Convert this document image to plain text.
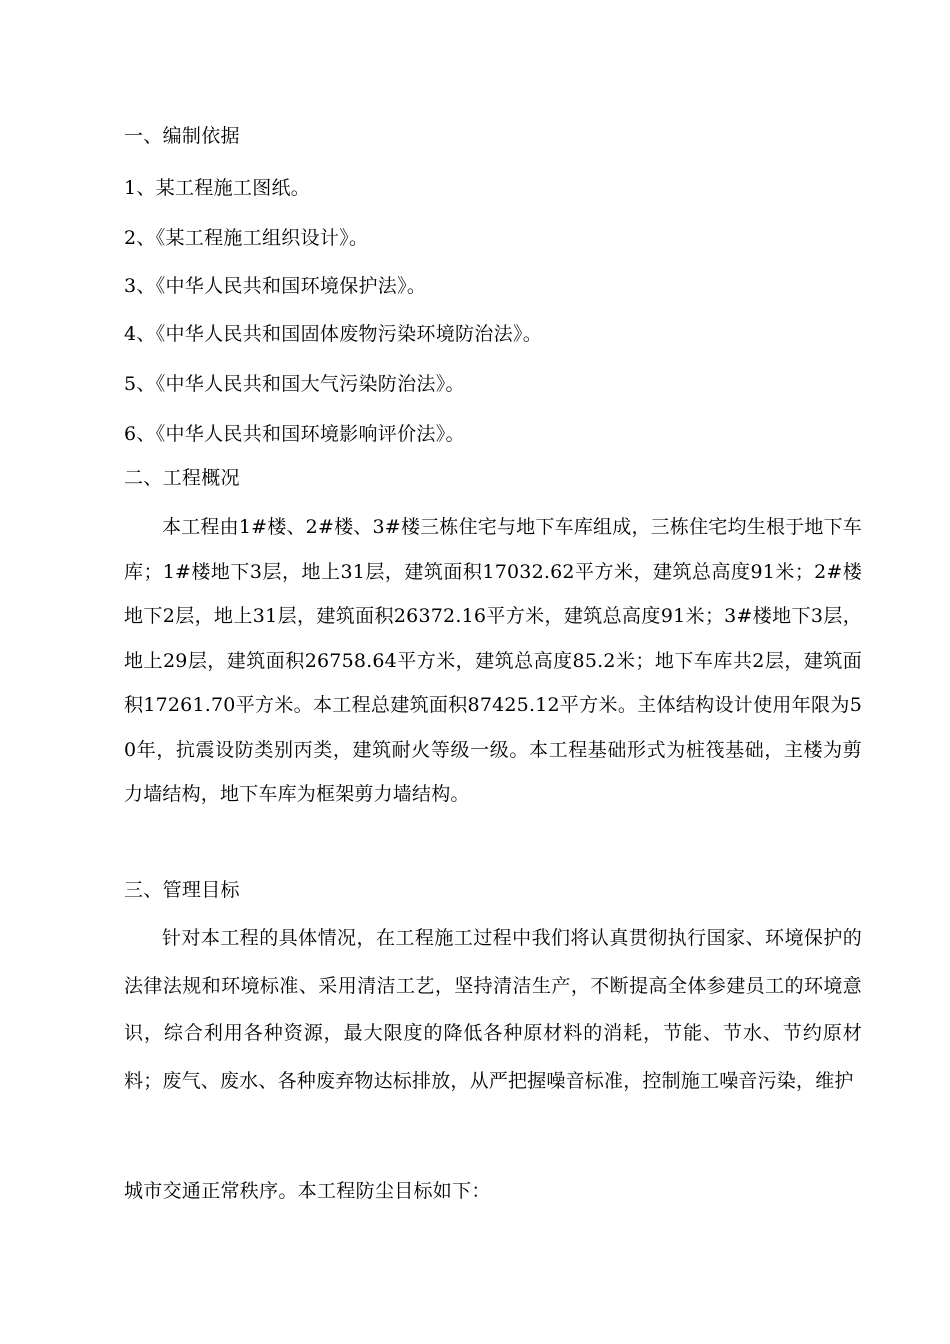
一、编制依据
1、某工程施工图纸。
2、《某工程施工组织设计》。
3、《中华人民共和国环境保护法》。
4、《中华人民共和国固体废物污染环境防治法》。
5、《中华人民共和国大气污染防治法》。
6、《中华人民共和国环境影响评价法》。
二、工程概况
本工程由1#楼、2#楼、3#楼三栋住宅与地下车库组成，三栋住宅均生根于地下车库；1#楼地下3层，地上31层，建筑面积17032.62平方米，建筑总高度91米；2#楼地下2层，地上31层，建筑面积26372.16平方米，建筑总高度91米；3#楼地下3层，地上29层，建筑面积26758.64平方米，建筑总高度85.2米；地下车库共2层，建筑面积17261.70平方米。本工程总建筑面积87425.12平方米。主体结构设计使用年限为50年，抗震设防类别丙类，建筑耐火等级一级。本工程基础形式为桩筏基础，主楼为剪力墙结构，地下车库为框架剪力墙结构。
三、管理目标
针对本工程的具体情况，在工程施工过程中我们将认真贯彻执行国家、环境保护的法律法规和环境标准、采用清洁工艺，坚持清洁生产，不断提高全体参建员工的环境意识，综合利用各种资源，最大限度的降低各种原材料的消耗，节能、节水、节约原材料；废气、废水、各种废弃物达标排放，从严把握噪音标准，控制施工噪音污染，维护
城市交通正常秩序。本工程防尘目标如下：
